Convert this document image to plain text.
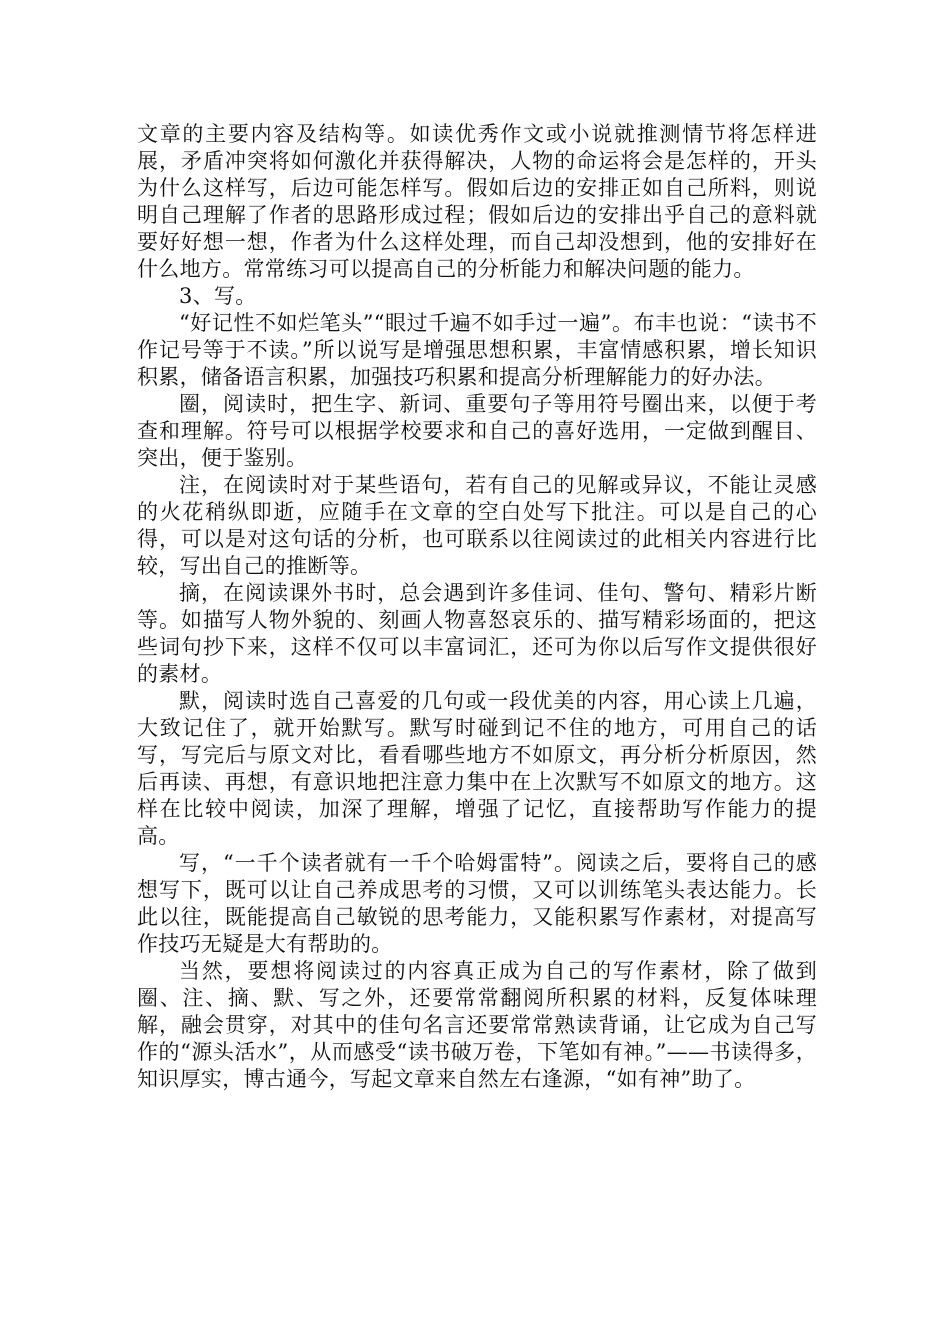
文章的主要内容及结构等。如读优秀作文或小说就推测情节将怎样进展，矛盾冲突将如何激化并获得解决，人物的命运将会是怎样的，开头为什么这样写，后边可能怎样写。假如后边的安排正如自己所料，则说明自己理解了作者的思路形成过程；假如后边的安排出乎自己的意料就要好好想一想，作者为什么这样处理，而自己却没想到，他的安排好在什么地方。常常练习可以提高自己的分析能力和解决问题的能力。

3、写。

“好记性不如烂笔头”“眼过千遍不如手过一遍”。布丰也说：“读书不作记号等于不读。”所以说写是增强思想积累，丰富情感积累，增长知识积累，储备语言积累，加强技巧积累和提高分析理解能力的好办法。

圈，阅读时，把生字、新词、重要句子等用符号圈出来，以便于考查和理解。符号可以根据学校要求和自己的喜好选用，一定做到醒目、突出，便于鉴别。

注，在阅读时对于某些语句，若有自己的见解或异议，不能让灵感的火花稍纵即逝，应随手在文章的空白处写下批注。可以是自己的心得，可以是对这句话的分析，也可联系以往阅读过的此相关内容进行比较，写出自己的推断等。

摘，在阅读课外书时，总会遇到许多佳词、佳句、警句、精彩片断等。如描写人物外貌的、刻画人物喜怒哀乐的、描写精彩场面的，把这些词句抄下来，这样不仅可以丰富词汇，还可为你以后写作文提供很好的素材。

默，阅读时选自己喜爱的几句或一段优美的内容，用心读上几遍，大致记住了，就开始默写。默写时碰到记不住的地方，可用自己的话写，写完后与原文对比，看看哪些地方不如原文，再分析分析原因，然后再读、再想，有意识地把注意力集中在上次默写不如原文的地方。这样在比较中阅读，加深了理解，增强了记忆，直接帮助写作能力的提高。

写，“一千个读者就有一千个哈姆雷特”。阅读之后，要将自己的感想写下，既可以让自己养成思考的习惯，又可以训练笔头表达能力。长此以往，既能提高自己敏锐的思考能力，又能积累写作素材，对提高写作技巧无疑是大有帮助的。

当然，要想将阅读过的内容真正成为自己的写作素材，除了做到圈、注、摘、默、写之外，还要常常翻阅所积累的材料，反复体味理解，融会贯穿，对其中的佳句名言还要常常熟读背诵，让它成为自己写作的“源头活水”，从而感受“读书破万卷，下笔如有神。”——书读得多，知识厚实，博古通今，写起文章来自然左右逢源，“如有神”助了。
